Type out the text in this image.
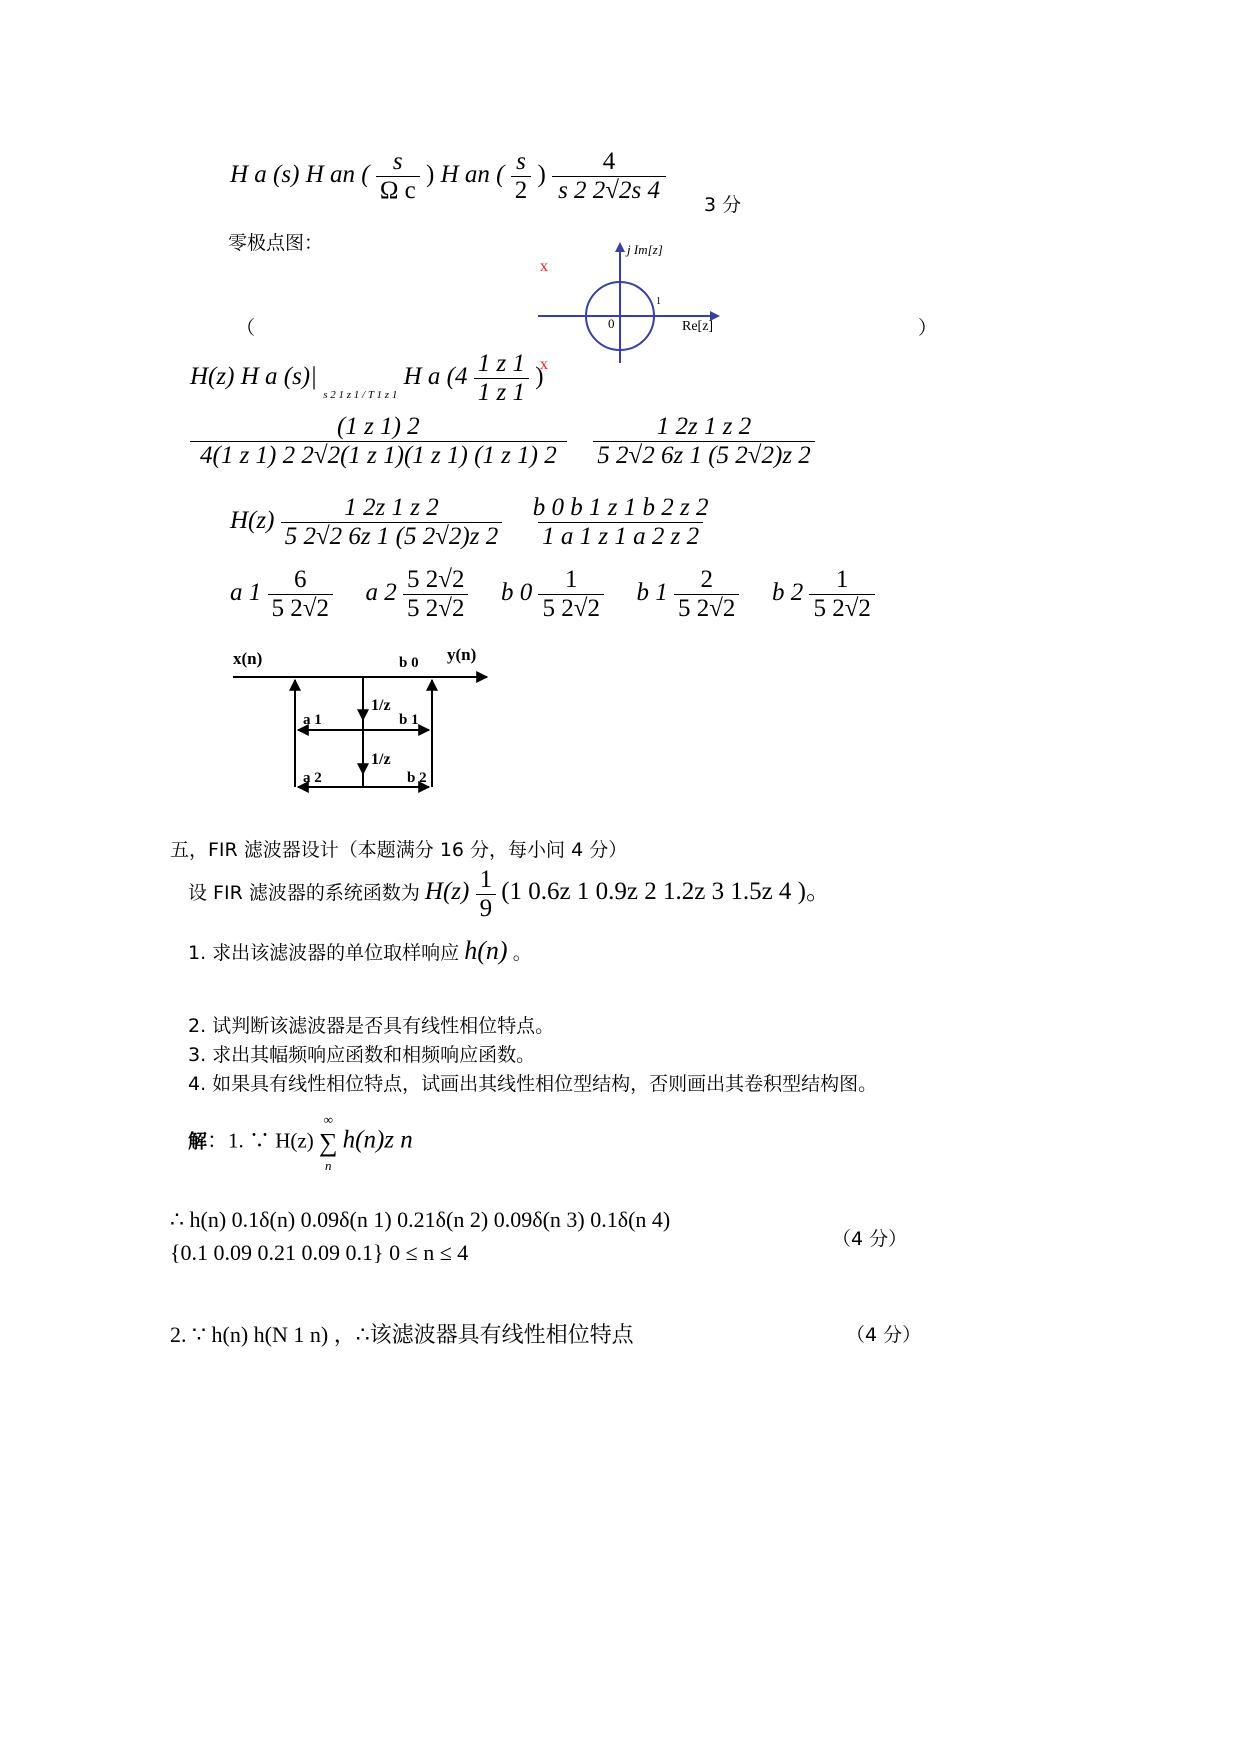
H a (s) H an ( $\frac{s}{\text{Ω c}}$ ) H an ( $\frac{s}{2}$ ) $\frac{4}{s 2 2√2s 4} 3$ 分
零极点图：
（	）
j Im[z]
Re[z]
0
1
x
x
H(z) H a (s)| $_{s 2 1 z 1 / T 1 z 1}$ H a ($4 \frac{1 z 1}{1 z 1}$ )
$\frac{(1 z 1) 2}{4(1 z 1) 2 2√2(1 z 1)(1 z 1) (1 z 1) 2}$
$\frac{1 2z 1 z 2}{5 2√2 6z 1 (5 2√2)z 2}$
$H(z) \frac{1 2z 1 z 2}{5 2√2 6z 1 (5 2√2)z 2}$
$\frac{b 0 b 1 z 1 b 2 z 2}{1 a 1 z 1 a 2 z 2}$
a $1 \frac{6}{5 2√2}$ a $2 \frac{5 2√2}{5 2√2}$ b $0 \frac{1}{5 2√2}$ b $1 \frac{2}{5 2√2}$ b $2 \frac{1}{5 2√2}$
x(n)	y(n)
b 0
1/z
1/z
a 1	b 1
a 2	b 2
五，FIR 滤波器设计（本题满分 16 分，每小问 4 分）
设 FIR 滤波器的系统函数为 $H(z) \frac{1}{9} (1$ 0.6z 1 0.9z 2 1.2z 3 1.5z 4 )。
1. 求出该滤波器的单位取样响应 h(n) 。
2. 试判断该滤波器是否具有线性相位特点。
3. 求出其幅频响应函数和相频响应函数。
4. 如果具有线性相位特点，试画出其线性相位型结构，否则画出其卷积型结构图。
解：1. ∵ H(z)
∞
∑
n
h(n)z n
∴ h(n) 0.1δ(n) 0.09δ(n 1) 0.21δ(n 2) 0.09δ(n 3) 0.1δ(n 4)
（4 分）
{0.1 0.09 0.21 0.09 0.1} 0 ≤ n ≤ 4
2. ∵ h(n) h(N 1 n) ，∴该滤波器具有线性相位特点	（4 分）
